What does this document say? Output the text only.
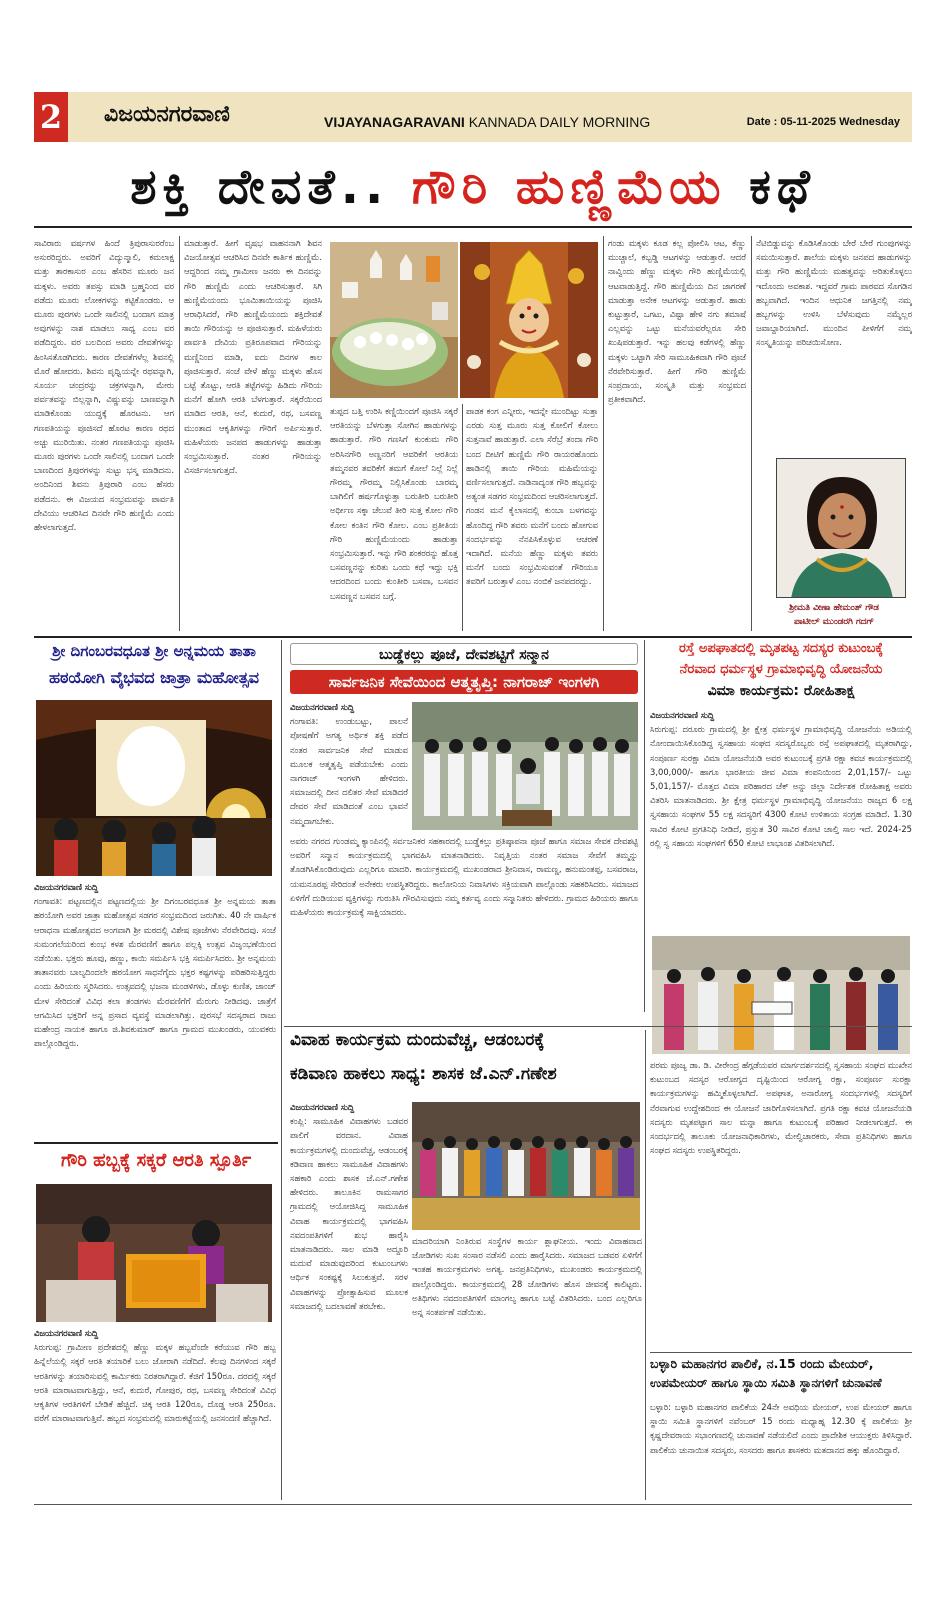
2 ವಿಜಯನಗರವಾಣಿ	VIJAYANAGARAVANI KANNADA DAILY MORNING	Date : 05-11-2025 Wednesday
ಶಕ್ತಿ ದೇವತೆ.. ಗೌರಿ ಹುಣ್ಣಿಮೆಯ ಕಥೆ
ಸಾವಿರಾರು ವರ್ಷಗಳ ಹಿಂದೆ ತ್ರಿಪುರಾಸುರರೆಂಬ ಅಸುರರಿದ್ದರು. ಅವರಿಗೆ ವಿದ್ಯುನ್ಮಾಲಿ, ಕಮಲಾಕ್ಷ ಮತ್ತು ತಾರಕಾಸುರ ಎಂಬ ಹೆಸರಿನ ಮೂರು ಜನ ಮಕ್ಕಳು. ಅವರು ತಪಸ್ಸು ಮಾಡಿ ಬ್ರಹ್ಮನಿಂದ ವರ ಪಡೆದು ಮೂರು ಲೋಕಗಳನ್ನು ಕಟ್ಟಿಕೊಂಡರು. ಆ ಮೂರು ಪುರಗಳು ಒಂದೇ ಸಾಲಿನಲ್ಲಿ ಬಂದಾಗ ಮಾತ್ರ ಅವುಗಳನ್ನು ನಾಶ ಮಾಡಲು ಸಾಧ್ಯ ಎಂಬ ವರ ಪಡೆದಿದ್ದರು. ವರ ಬಲದಿಂದ ಅವರು ದೇವತೆಗಳನ್ನು ಹಿಂಸಿಸತೊಡಗಿದರು. ಕಾರಣ ದೇವತೆಗಳೆಲ್ಲ ಶಿವನಲ್ಲಿ ಮೊರೆ ಹೋದರು. ಶಿವನು ಪೃಥ್ವಿಯನ್ನೇ ರಥವನ್ನಾಗಿ, ಸೂರ್ಯ ಚಂದ್ರರನ್ನು ಚಕ್ರಗಳನ್ನಾಗಿ, ಮೇರು ಪರ್ವತವನ್ನು ಬಿಲ್ಲನ್ನಾಗಿ, ವಿಷ್ಣುವನ್ನು ಬಾಣವನ್ನಾಗಿ ಮಾಡಿಕೊಂಡು ಯುದ್ಧಕ್ಕೆ ಹೊರಟನು. ಆಗ ಗಣಪತಿಯನ್ನು ಪೂಜಿಸದೆ ಹೊರಟ ಕಾರಣ ರಥದ ಅಚ್ಚು ಮುರಿಯಿತು. ನಂತರ ಗಣಪತಿಯನ್ನು ಪೂಜಿಸಿ ಮೂರು ಪುರಗಳು ಒಂದೇ ಸಾಲಿನಲ್ಲಿ ಬಂದಾಗ ಒಂದೇ ಬಾಣದಿಂದ ತ್ರಿಪುರಗಳನ್ನು ಸುಟ್ಟು ಭಸ್ಮ ಮಾಡಿದನು. ಅಂದಿನಿಂದ ಶಿವನು ತ್ರಿಪುರಾರಿ ಎಂಬ ಹೆಸರು ಪಡೆದನು. ಈ ವಿಜಯದ ಸಂಭ್ರಮವನ್ನು ಪಾರ್ವತಿ ದೇವಿಯು ಆಚರಿಸಿದ ದಿನವೇ ಗೌರಿ ಹುಣ್ಣಿಮೆ ಎಂದು ಹೇಳಲಾಗುತ್ತದೆ.
ಮಾಡುತ್ತಾರೆ. ಹೀಗೆ ವೃಷಭ ವಾಹನನಾಗಿ ಶಿವನ ವಿಜಯೋತ್ಸವ ಆಚರಿಸಿದ ದಿನವೇ ಕಾರ್ತಿಕ ಹುಣ್ಣಿಮೆ. ಆದ್ದರಿಂದ ನಮ್ಮ ಗ್ರಾಮೀಣ ಜನರು ಈ ದಿನವನ್ನು ಗೌರಿ ಹುಣ್ಣಿಮೆ ಎಂದು ಆಚರಿಸುತ್ತಾರೆ. ಸಿಗಿ ಹುಣ್ಣಿಮೆಯಂದು ಭೂಮಿತಾಯಿಯನ್ನು ಪೂಜಿಸಿ ಆರಾಧಿಸಿದರೆ, ಗೌರಿ ಹುಣ್ಣಿಮೆಯಂದು ಶಕ್ತಿದೇವತೆ ತಾಯಿ ಗೌರಿಯನ್ನು ಆ ಪೂಜಿಸುತ್ತಾರೆ. ಮಹಿಳೆಯರು ಪಾರ್ವತಿ ದೇವಿಯ ಪ್ರತಿರೂಪವಾದ ಗೌರಿಯನ್ನು ಮಣ್ಣಿನಿಂದ ಮಾಡಿ, ಐದು ದಿನಗಳ ಕಾಲ ಪೂಜಿಸುತ್ತಾರೆ. ಸಂಜೆ ವೇಳೆ ಹೆಣ್ಣು ಮಕ್ಕಳು ಹೊಸ ಬಟ್ಟೆ ತೊಟ್ಟು, ಆರತಿ ತಟ್ಟೆಗಳನ್ನು ಹಿಡಿದು ಗೌರಿಯ ಮನೆಗೆ ಹೋಗಿ ಆರತಿ ಬೆಳಗುತ್ತಾರೆ. ಸಕ್ಕರೆಯಿಂದ ಮಾಡಿದ ಆರತಿ, ಆನೆ, ಕುದುರೆ, ರಥ, ಬಸವಣ್ಣ ಮುಂತಾದ ಆಕೃತಿಗಳನ್ನು ಗೌರಿಗೆ ಅರ್ಪಿಸುತ್ತಾರೆ. ಮಹಿಳೆಯರು ಜನಪದ ಹಾಡುಗಳನ್ನು ಹಾಡುತ್ತಾ ಸಂಭ್ರಮಿಸುತ್ತಾರೆ. ನಂತರ ಗೌರಿಯನ್ನು ವಿಸರ್ಜಿಸಲಾಗುತ್ತದೆ.
ತುಪ್ಪದ ಬತ್ತಿ ಉರಿಸಿ ಕಣ್ಣಿಯಿಂದಗೆ ಪೂಜಿಸಿ ಸಕ್ಕರೆ ಆರತಿಯನ್ನು ಬೆಳಗುತ್ತಾ ಸೋಗಿನ ಹಾಡುಗಳನ್ನು ಹಾಡುತ್ತಾರೆ. ಗೌರಿ ಗಣಸಿಗೆ ಕುಂಕುಮ ಗೌರಿ ಅರಿಸಿನಗೌರಿ ಅಣ್ಣನರಿಗೆ ಆವರಿಕೆಗೆ ಆರತಿಯ ತಮ್ಮನವರ ತವರಿಕೆಗೆ ತಮಗೆ ಕೋಲೆ ನಿಲ್ಲೆ ನಿಲ್ಲೆ ಗೌರಮ್ಮ ಗೌರಮ್ಮ ನಿಲ್ಲಿಸಿಕೊಂಡು ಬಾರಮ್ಮ ಬಾಗಿಲಿಗೆ ಹರ್ಷಗೊಳ್ಳುತ್ತಾ ಬರುತೀರಿ ಬರುತೀರಿ ಅರ್ಥೀಣ ಸಕ್ಕಾ ಚೆಲುವೆ ತೀರಿ ಸುತ್ತ ಕೋಲ ಗೌರಿ ಕೋಲ ಕಂತಿನ ಗೌರಿ ಕೋಲ. ಎಂಬ ಪ್ರತೀತಿಯ ಗೌರಿ ಹುಣ್ಣಿಮೆಯಂದು ಹಾಡುತ್ತಾ ಸಂಭ್ರಮಿಸುತ್ತಾರೆ. ಇನ್ನು ಗೌರಿ ಶಂಕರರನ್ನು ಹೊತ್ತ ಬಸವಣ್ಣನನ್ನು ಕುರಿತು ಒಂದು ಕಥೆ ಇದ್ದು ಭಕ್ತಿ ಆದರದಿಂದ ಬಂದು ಕುಂತೀರಿ ಬಸವಾ, ಬಸವನ ಬಸವಣ್ಣನ ಬಸವನ ಬಗ್ಗೆ.
ಪಾಡಕ ಕಂಗ ಎನ್ನೀರು, ಇದನ್ನೇ ಮುಂದಿಟ್ಟು ಸುತ್ತಾ ಎರಡು ಸುತ್ತ ಮೂರು ಸುತ್ತ ಕೋಲಿಗೆ ಕೋಲು ಸುತ್ತನಾವೆ ಹಾಡುತ್ತಾರೆ. ಎಲಾ ಸೆರೆಬ್ರೆ ತಂದಾ ಗೌರಿ ಬಂದ ದೀಟಿಗೆ ಹುಣ್ಣಿಮೆ ಗೌರಿ ರಾಯರಹೊಂದು ಹಾಡಿನಲ್ಲಿ ತಾಯಿ ಗೌರಿಯ ಮಹಿಮೆಯನ್ನು ವರ್ಣಿಸಲಾಗುತ್ತದೆ. ನಾಡಿನಾದ್ಯಂತ ಗೌರಿ ಹಬ್ಬವನ್ನು ಅತ್ಯಂತ ಸಡಗರ ಸಂಭ್ರಮದಿಂದ ಆಚರಿಸಲಾಗುತ್ತದೆ. ಗಂಡನ ಮನೆ ಕೈಲಾಸದಲ್ಲಿ ಕುಂಬಾ ಬಳಗವನ್ನು ಹೊಂದಿದ್ದ ಗೌರಿ ತವರು ಮನೆಗೆ ಬಂದು ಹೋಗುವ ಸಂದರ್ಭವನ್ನು ನೆನಪಿಸಿಕೊಳ್ಳುವ ಆಚರಣೆ ಇದಾಗಿದೆ. ಮನೆಯ ಹೆಣ್ಣು ಮಕ್ಕಳು ತವರು ಮನೆಗೆ ಬಂದು ಸಂಭ್ರಮಿಸುವಂತೆ ಗೌರಿಯೂ ತವರಿಗೆ ಬರುತ್ತಾಳೆ ಎಂಬ ನಂಬಿಕೆ ಜನಪದರದ್ದು.
ಗಂಡು ಮಕ್ಕಳು ಕೂಡ ಕಲ್ಲ ಪೋಲಿಸಿ ಆಟ, ಕೆಣ್ಣು ಮುಚ್ಚಾಲೆ, ಕಬ್ಬಡ್ಡಿ ಆಟಗಳನ್ನು ಆಡುತ್ತಾರೆ. ಆದರೆ ನಾವ್ವಿಂದು ಹೆಣ್ಣು ಮಕ್ಕಳು ಗೌರಿ ಹುಣ್ಣಿಮೆಯಲ್ಲಿ ಆಟವಾಡುತ್ತಿದ್ದೆ. ಗೌರಿ ಹುಣ್ಣಿಮೆಯ ದಿನ ಜಾಗರಣೆ ಮಾಡುತ್ತಾ ಅನೇಕ ಆಟಗಳನ್ನು ಆಡುತ್ತಾರೆ. ಹಾಡು ಕುಟ್ಟುತ್ತಾರೆ, ಒಗಟು, ವಿಷ್ಟಾ ಹೇಳಿ ನಗು ತಮಾಷೆ ಎಲ್ಲವನ್ನು ಒಟ್ಟು ಮನೆಯವರೆಲ್ಲರೂ ಸೇರಿ ಖುಷಿಪಡುತ್ತಾರೆ. ಇನ್ನು ಹಲವು ಕಡೆಗಳಲ್ಲಿ ಹೆಣ್ಣು ಮಕ್ಕಳು ಒಟ್ಟಾಗಿ ಸೇರಿ ಸಾಮೂಹಿಕವಾಗಿ ಗೌರಿ ಪೂಜೆ ನೆರವೇರಿಸುತ್ತಾರೆ. ಹೀಗೆ ಗೌರಿ ಹುಣ್ಣಿಮೆ ಸಂಪ್ರದಾಯ, ಸಂಸ್ಕೃತಿ ಮತ್ತು ಸಂಭ್ರಮದ ಪ್ರತೀಕವಾಗಿದೆ.
ನೆಟಿಬಿಡ್ಡುವನ್ನು ಕೊಡಿಸಿಕೊಂಡು ಬೇರೆ ಬೇರೆ ಗುಂಪುಗಳನ್ನು ಸಮಯಿಸುತ್ತಾರೆ. ಶಾಲೆಯ ಮಕ್ಕಳು ಜನಪದ ಹಾಡುಗಳನ್ನು ಮತ್ತು ಗೌರಿ ಹುಣ್ಣಿಮೆಯ ಮಹತ್ವವನ್ನು ಅರಿತುಕೊಳ್ಳಲು ಇದೊಂದು ಅವಕಾಶ. ಇದ್ದವರೆ ಗ್ರಾಮ ಪಾಠವದ ಸೊಗಡಿನ ಹಬ್ಬವಾಗಿದೆ. ಇಂದಿನ ಆಧುನಿಕ ಜಗತ್ತಿನಲ್ಲಿ ನಮ್ಮ ಹಬ್ಬಗಳನ್ನು ಉಳಿಸಿ ಬೆಳೆಸುವುದು ನಮ್ಮೆಲ್ಲರ ಜವಾಬ್ದಾರಿಯಾಗಿದೆ. ಮುಂದಿನ ಪೀಳಿಗೆಗೆ ನಮ್ಮ ಸಂಸ್ಕೃತಿಯನ್ನು ಪರಿಚಯಿಸೋಣ.
ಶ್ರೀಮತಿ ವೀಣಾ ಹೇಮಂತ್ ಗೌಡ
ಪಾಟೀಲ್ ಮುಂಡರಗಿ ಗದಗ್
ಶ್ರೀ ದಿಗಂಬರವಧೂತ ಶ್ರೀ ಅನ್ನಮಯ ತಾತಾ
ಹಠಯೋಗಿ ವೈಭವದ ಜಾತ್ರಾ ಮಹೋತ್ಸವ
ವಿಜಯನಗರವಾಣಿ ಸುದ್ದಿ
ಗಂಗಾವತಿ: ಪಟ್ಟಣದಲ್ಲಿನ ಪಟ್ಟಣದಲ್ಲಿಯ ಶ್ರೀ ದಿಗಂಬರವಧೂತ ಶ್ರೀ ಅನ್ನಮಯ ತಾತಾ ಹಠಯೋಗಿ ಅವರ ಜಾತ್ರಾ ಮಹೋತ್ಸವ ಸಡಗರ ಸಂಭ್ರಮದಿಂದ ಜರುಗಿತು. 40 ನೇ ವಾರ್ಷಿಕ ಆರಾಧನಾ ಮಹೋತ್ಸವದ ಅಂಗವಾಗಿ ಶ್ರೀ ಮಠದಲ್ಲಿ ವಿಶೇಷ ಪೂಜೆಗಳು ನೆರವೇರಿದವು. ಸಂಜೆ ಸುಮಂಗಲೆಯರಿಂದ ಕುಂಭ ಕಳಶ ಮೆರವಣಿಗೆ ಹಾಗೂ ಪಲ್ಲಕ್ಕಿ ಉತ್ಸವ ವಿಜೃಂಭಣೆಯಿಂದ ನಡೆಯಿತು. ಭಕ್ತರು ಹೂವು, ಹಣ್ಣು, ಕಾಯಿ ಸಮರ್ಪಿಸಿ ಭಕ್ತಿ ಸಮರ್ಪಿಸಿದರು. ಶ್ರೀ ಅನ್ನಮಯ ತಾತಾನವರು ಬಾಲ್ಯದಿಂದಲೇ ಹಠಯೋಗ ಸಾಧನೆಗೈದು ಭಕ್ತರ ಕಷ್ಟಗಳನ್ನು ಪರಿಹರಿಸುತ್ತಿದ್ದರು ಎಂದು ಹಿರಿಯರು ಸ್ಮರಿಸಿದರು. ಉತ್ಸವದಲ್ಲಿ ಭಜನಾ ಮಂಡಳಿಗಳು, ಡೊಳ್ಳು ಕುಣಿತ, ಜಾಂಜ್ ಮೇಳ ಸೇರಿದಂತೆ ವಿವಿಧ ಕಲಾ ತಂಡಗಳು ಮೆರವಣಿಗೆಗೆ ಮೆರುಗು ನೀಡಿದವು. ಜಾತ್ರೆಗೆ ಆಗಮಿಸಿದ ಭಕ್ತರಿಗೆ ಅನ್ನ ಪ್ರಸಾದ ವ್ಯವಸ್ಥೆ ಮಾಡಲಾಗಿತ್ತು. ಪುರಸಭೆ ಸದಸ್ಯರಾದ ರಾಜು ಮಹೇಂದ್ರ ನಾಯಕ ಹಾಗೂ ಜಿ.ಶಿವಕುಮಾರ್ ಹಾಗೂ ಗ್ರಾಮದ ಮುಖಂಡರು, ಯುವಕರು ಪಾಲ್ಗೊಂಡಿದ್ದರು.
ಗೌರಿ ಹಬ್ಬಕ್ಕೆ ಸಕ್ಕರೆ ಆರತಿ ಸ್ಪೂರ್ತಿ
ವಿಜಯನಗರವಾಣಿ ಸುದ್ದಿ
ಸಿರುಗುಪ್ಪ: ಗ್ರಾಮೀಣ ಪ್ರದೇಶದಲ್ಲಿ ಹೆಣ್ಣು ಮಕ್ಕಳ ಹಬ್ಬವೆಂದೇ ಕರೆಯುವ ಗೌರಿ ಹಬ್ಬ ಹಿನ್ನೆಲೆಯಲ್ಲಿ ಸಕ್ಕರೆ ಆರತಿ ತಯಾರಿಕೆ ಬಲು ಜೋರಾಗಿ ನಡೆದಿದೆ. ಕೆಲವು ದಿನಗಳಿಂದ ಸಕ್ಕರೆ ಆರತಿಗಳನ್ನು ತಯಾರಿಸುವಲ್ಲಿ ಕಾರ್ಮಿಕರು ನಿರತರಾಗಿದ್ದಾರೆ. ಕೆಜಿಗೆ 150ರೂ. ದರದಲ್ಲಿ ಸಕ್ಕರೆ ಆರತಿ ಮಾರಾಟವಾಗುತ್ತಿದ್ದು, ಆನೆ, ಕುದುರೆ, ಗೋಪುರ, ರಥ, ಬಸವಣ್ಣ ಸೇರಿದಂತೆ ವಿವಿಧ ಆಕೃತಿಗಳ ಆರತಿಗಳಿಗೆ ಬೇಡಿಕೆ ಹೆಚ್ಚಿದೆ. ಚಿಕ್ಕ ಆರತಿ 120ರೂ, ದೊಡ್ಡ ಆರತಿ 250ರೂ. ವರೆಗೆ ಮಾರಾಟವಾಗುತ್ತಿವೆ. ಹಬ್ಬದ ಸಂಭ್ರಮದಲ್ಲಿ ಮಾರುಕಟ್ಟೆಯಲ್ಲಿ ಜನಸಂದಣಿ ಹೆಚ್ಚಾಗಿದೆ.
ಬುಡ್ಡೆಕಲ್ಲು ಪೂಜೆ, ದೇವಶಟ್ಟಿಗೆ ಸನ್ಮಾನ
ಸಾರ್ವಜನಿಕ ಸೇವೆಯಿಂದ ಆತ್ಮತೃಪ್ತಿ: ನಾಗರಾಜ್ ಇಂಗಳಗಿ
ವಿಜಯನಗರವಾಣಿ ಸುದ್ದಿ
ಗಂಗಾವತಿ: ಉಂಡುಬಟ್ಟು, ಪಾಲನೆ ಪೋಷಣೆಗೆ ಅಗತ್ಯ ಅರ್ಥಿಕ ಶಕ್ತಿ ಪಡೆದ ನಂತರ ಸಾರ್ವಜನಿಕ ಸೇವೆ ಮಾಡುವ ಮೂಲಕ ಆತ್ಮತೃಪ್ತಿ ಪಡೆಯಬೇಕು ಎಂದು ನಾಗರಾಜ್ ಇಂಗಳಗಿ ಹೇಳಿದರು. ಸಮಾಜದಲ್ಲಿ ದೀನ ದಲಿತರ ಸೇವೆ ಮಾಡಿದರೆ ದೇವರ ಸೇವೆ ಮಾಡಿದಂತೆ ಎಂಬ ಭಾವನೆ ನಮ್ಮದಾಗಬೇಕು.
ಅವರು ನಗರದ ಗುಂಡಮ್ಮ ಕ್ಯಾಂಪಿನಲ್ಲಿ ಸರ್ವಜನಿಕರ ಸಹಕಾರದಲ್ಲಿ ಬುಡ್ಡೆಕಲ್ಲು ಪ್ರತಿಷ್ಠಾಪನಾ ಪೂಜೆ ಹಾಗೂ ಸಮಾಜ ಸೇವಕ ದೇವಶಟ್ಟಿ ಅವರಿಗೆ ಸನ್ಮಾನ ಕಾರ್ಯಕ್ರಮದಲ್ಲಿ ಭಾಗವಹಿಸಿ ಮಾತನಾಡಿದರು. ನಿವೃತ್ತಿಯ ನಂತರ ಸಮಾಜ ಸೇವೆಗೆ ತಮ್ಮನ್ನು ತೊಡಗಿಸಿಕೊಂಡಿರುವುದು ಎಲ್ಲರಿಗೂ ಮಾದರಿ. ಕಾರ್ಯಕ್ರಮದಲ್ಲಿ ಮುಖಂಡರಾದ ಶ್ರೀನಿವಾಸ, ರಾಮಣ್ಣ, ಹನುಮಂತಪ್ಪ, ಬಸವರಾಜ, ಯಮನೂರಪ್ಪ ಸೇರಿದಂತೆ ಅನೇಕರು ಉಪಸ್ಥಿತರಿದ್ದರು. ಕಾಲೋನಿಯ ನಿವಾಸಿಗಳು ಸಕ್ರಿಯವಾಗಿ ಪಾಲ್ಗೊಂಡು ಸಹಕರಿಸಿದರು. ಸಮಾಜದ ಏಳಿಗೆಗೆ ದುಡಿಯುವ ವ್ಯಕ್ತಿಗಳನ್ನು ಗುರುತಿಸಿ ಗೌರವಿಸುವುದು ನಮ್ಮ ಕರ್ತವ್ಯ ಎಂದು ಸನ್ಮಾನಿತರು ಹೇಳಿದರು. ಗ್ರಾಮದ ಹಿರಿಯರು ಹಾಗೂ ಮಹಿಳೆಯರು ಕಾರ್ಯಕ್ರಮಕ್ಕೆ ಸಾಕ್ಷಿಯಾದರು.
ರಸ್ತೆ ಅಪಘಾತದಲ್ಲಿ ಮೃತಪಟ್ಟ ಸದಸ್ಯರ ಕುಟುಂಬಕ್ಕೆ
ನೆರವಾದ ಧರ್ಮಸ್ಥಳ ಗ್ರಾಮಾಭಿವೃದ್ಧಿ ಯೋಜನೆಯ
ವಿಮಾ ಕಾರ್ಯಕ್ರಮ: ರೋಹಿತಾಕ್ಷ
ವಿಜಯನಗರವಾಣಿ ಸುದ್ದಿ
ಸಿರುಗುಪ್ಪ: ದರೂರು ಗ್ರಾಮದಲ್ಲಿ ಶ್ರೀ ಕ್ಷೇತ್ರ ಧರ್ಮಸ್ಥಳ ಗ್ರಾಮಾಭಿವೃದ್ಧಿ ಯೋಜನೆಯ ಅಡಿಯಲ್ಲಿ ನೋಂದಾಯಿಸಿಕೊಂಡಿದ್ದ ಸ್ವಸಹಾಯ ಸಂಘದ ಸದಸ್ಯರೊಬ್ಬರು ರಸ್ತೆ ಅಪಘಾತದಲ್ಲಿ ಮೃತರಾಗಿದ್ದು, ಸಂಪೂರ್ಣ ಸುರಕ್ಷಾ ವಿಮಾ ಯೋಜನೆಯಡಿ ಅವರ ಕುಟುಂಬಕ್ಕೆ ಪ್ರಗತಿ ರಕ್ಷಾ ಕವಚ ಕಾರ್ಯಕ್ರಮದಲ್ಲಿ 3,00,000/- ಹಾಗೂ ಭಾರತೀಯ ಜೀವ ವಿಮಾ ಕಂಪನಿಯಿಂದ 2,01,157/- ಒಟ್ಟು 5,01,157/- ಮೊತ್ತದ ವಿಮಾ ಪರಿಹಾರದ ಚೆಕ್ ಅನ್ನು ಜಿಲ್ಲಾ ನಿರ್ದೇಶಕ ರೋಹಿತಾಕ್ಷ ಅವರು ವಿತರಿಸಿ ಮಾತನಾಡಿದರು. ಶ್ರೀ ಕ್ಷೇತ್ರ ಧರ್ಮಸ್ಥಳ ಗ್ರಾಮಾಭಿವೃದ್ಧಿ ಯೋಜನೆಯು ರಾಜ್ಯದ 6 ಲಕ್ಷ ಸ್ವಸಹಾಯ ಸಂಘಗಳ 55 ಲಕ್ಷ ಸದಸ್ಯರಿಗೆ 4300 ಕೋಟಿ ಉಳಿತಾಯ ಸಂಗ್ರಹ ಮಾಡಿದೆ. 1.30 ಸಾವಿರ ಕೋಟಿ ಪ್ರಗತಿನಿಧಿ ನೀಡಿದೆ, ಪ್ರಸ್ತುತ 30 ಸಾವಿರ ಕೋಟಿ ಚಾಲ್ತಿ ಸಾಲ ಇದೆ. 2024-25 ರಲ್ಲಿ ಸ್ವ ಸಹಾಯ ಸಂಘಗಳಿಗೆ 650 ಕೋಟಿ ಲಾಭಾಂಶ ವಿತರಿಸಲಾಗಿದೆ.
ವಿವಾಹ ಕಾರ್ಯಕ್ರಮ ದುಂದುವೆಚ್ಚ, ಆಡಂಬರಕ್ಕೆ
ಕಡಿವಾಣ ಹಾಕಲು ಸಾಧ್ಯ: ಶಾಸಕ ಜೆ.ಎನ್.ಗಣೇಶ
ವಿಜಯನಗರವಾಣಿ ಸುದ್ದಿ
ಕಂಪ್ಲಿ: ಸಾಮೂಹಿಕ ವಿವಾಹಗಳು ಬಡವರ ಪಾಲಿಗೆ ವರದಾನ. ವಿವಾಹ ಕಾರ್ಯಕ್ರಮಗಳಲ್ಲಿ ದುಂದುವೆಚ್ಚ, ಆಡಂಬರಕ್ಕೆ ಕಡಿವಾಣ ಹಾಕಲು ಸಾಮೂಹಿಕ ವಿವಾಹಗಳು ಸಹಕಾರಿ ಎಂದು ಶಾಸಕ ಜೆ.ಎನ್.ಗಣೇಶ ಹೇಳಿದರು. ತಾಲೂಕಿನ ರಾಮಸಾಗರ ಗ್ರಾಮದಲ್ಲಿ ಆಯೋಜಿಸಿದ್ದ ಸಾಮೂಹಿಕ ವಿವಾಹ ಕಾರ್ಯಕ್ರಮದಲ್ಲಿ ಭಾಗವಹಿಸಿ ನವದಂಪತಿಗಳಿಗೆ ಶುಭ ಹಾರೈಸಿ ಮಾತನಾಡಿದರು. ಸಾಲ ಮಾಡಿ ಅದ್ದೂರಿ ಮದುವೆ ಮಾಡುವುದರಿಂದ ಕುಟುಂಬಗಳು ಆರ್ಥಿಕ ಸಂಕಷ್ಟಕ್ಕೆ ಸಿಲುಕುತ್ತವೆ. ಸರಳ ವಿವಾಹಗಳನ್ನು ಪ್ರೋತ್ಸಾಹಿಸುವ ಮೂಲಕ ಸಮಾಜದಲ್ಲಿ ಬದಲಾವಣೆ ತರಬೇಕು.
ಮಾದರಿಯಾಗಿ ನಿಂತಿರುವ ಸಂಸ್ಥೆಗಳ ಕಾರ್ಯ ಶ್ಲಾಘನೀಯ. ಇಂದು ವಿವಾಹವಾದ ಜೋಡಿಗಳು ಸುಖ ಸಂಸಾರ ನಡೆಸಲಿ ಎಂದು ಹಾರೈಸಿದರು. ಸಮಾಜದ ಬಡವರ ಏಳಿಗೆಗೆ ಇಂತಹ ಕಾರ್ಯಕ್ರಮಗಳು ಅಗತ್ಯ. ಜನಪ್ರತಿನಿಧಿಗಳು, ಮುಖಂಡರು ಕಾರ್ಯಕ್ರಮದಲ್ಲಿ ಪಾಲ್ಗೊಂಡಿದ್ದರು. ಕಾರ್ಯಕ್ರಮದಲ್ಲಿ 28 ಜೋಡಿಗಳು ಹೊಸ ಜೀವನಕ್ಕೆ ಕಾಲಿಟ್ಟರು. ಅತಿಥಿಗಳು ನವದಂಪತಿಗಳಿಗೆ ಮಾಂಗಲ್ಯ ಹಾಗೂ ಬಟ್ಟೆ ವಿತರಿಸಿದರು. ಬಂದ ಎಲ್ಲರಿಗೂ ಅನ್ನ ಸಂತರ್ಪಣೆ ನಡೆಯಿತು.
ಪರಮ ಪೂಜ್ಯ ಡಾ. ಡಿ. ವೀರೇಂದ್ರ ಹೆಗ್ಗಡೆಯವರ ಮಾರ್ಗದರ್ಶನದಲ್ಲಿ ಸ್ವಸಹಾಯ ಸಂಘದ ಮುಖೇನ ಕುಟುಂಬದ ಸದಸ್ಯರ ಆರೋಗ್ಯದ ದೃಷ್ಟಿಯಿಂದ ಆರೋಗ್ಯ ರಕ್ಷಾ, ಸಂಪೂರ್ಣ ಸುರಕ್ಷಾ ಕಾರ್ಯಕ್ರಮಗಳನ್ನು ಹಮ್ಮಿಕೊಳ್ಳಲಾಗಿದೆ. ಅಪಘಾತ, ಅನಾರೋಗ್ಯ ಸಂದರ್ಭಗಳಲ್ಲಿ ಸದಸ್ಯರಿಗೆ ನೆರವಾಗುವ ಉದ್ದೇಶದಿಂದ ಈ ಯೋಜನೆ ಜಾರಿಗೊಳಿಸಲಾಗಿದೆ. ಪ್ರಗತಿ ರಕ್ಷಾ ಕವಚ ಯೋಜನೆಯಡಿ ಸದಸ್ಯರು ಮೃತಪಟ್ಟಾಗ ಸಾಲ ಮನ್ನಾ ಹಾಗೂ ಕುಟುಂಬಕ್ಕೆ ಪರಿಹಾರ ನೀಡಲಾಗುತ್ತದೆ. ಈ ಸಂದರ್ಭದಲ್ಲಿ ತಾಲೂಕು ಯೋಜನಾಧಿಕಾರಿಗಳು, ಮೇಲ್ವಿಚಾರಕರು, ಸೇವಾ ಪ್ರತಿನಿಧಿಗಳು ಹಾಗೂ ಸಂಘದ ಸದಸ್ಯರು ಉಪಸ್ಥಿತರಿದ್ದರು.
ಬಳ್ಳಾರಿ ಮಹಾನಗರ ಪಾಲಿಕೆ, ನ.15 ರಂದು ಮೇಯರ್,
ಉಪಮೇಯರ್ ಹಾಗೂ ಸ್ಥಾಯಿ ಸಮಿತಿ ಸ್ಥಾನಗಳಿಗೆ ಚುನಾವಣೆ
ಬಳ್ಳಾರಿ: ಬಳ್ಳಾರಿ ಮಹಾನಗರ ಪಾಲಿಕೆಯ 24ನೇ ಅವಧಿಯ ಮೇಯರ್, ಉಪ ಮೇಯರ್ ಹಾಗೂ ಸ್ಥಾಯಿ ಸಮಿತಿ ಸ್ಥಾನಗಳಿಗೆ ನವೆಂಬರ್ 15 ರಂದು ಮಧ್ಯಾಹ್ನ 12.30 ಕ್ಕೆ ಪಾಲಿಕೆಯ ಶ್ರೀ ಕೃಷ್ಣದೇವರಾಯ ಸಭಾಂಗಣದಲ್ಲಿ ಚುನಾವಣೆ ನಡೆಯಲಿದೆ ಎಂದು ಪ್ರಾದೇಶಿಕ ಆಯುಕ್ತರು ತಿಳಿಸಿದ್ದಾರೆ. ಪಾಲಿಕೆಯ ಚುನಾಯಿತ ಸದಸ್ಯರು, ಸಂಸದರು ಹಾಗೂ ಶಾಸಕರು ಮತದಾನದ ಹಕ್ಕು ಹೊಂದಿದ್ದಾರೆ.
